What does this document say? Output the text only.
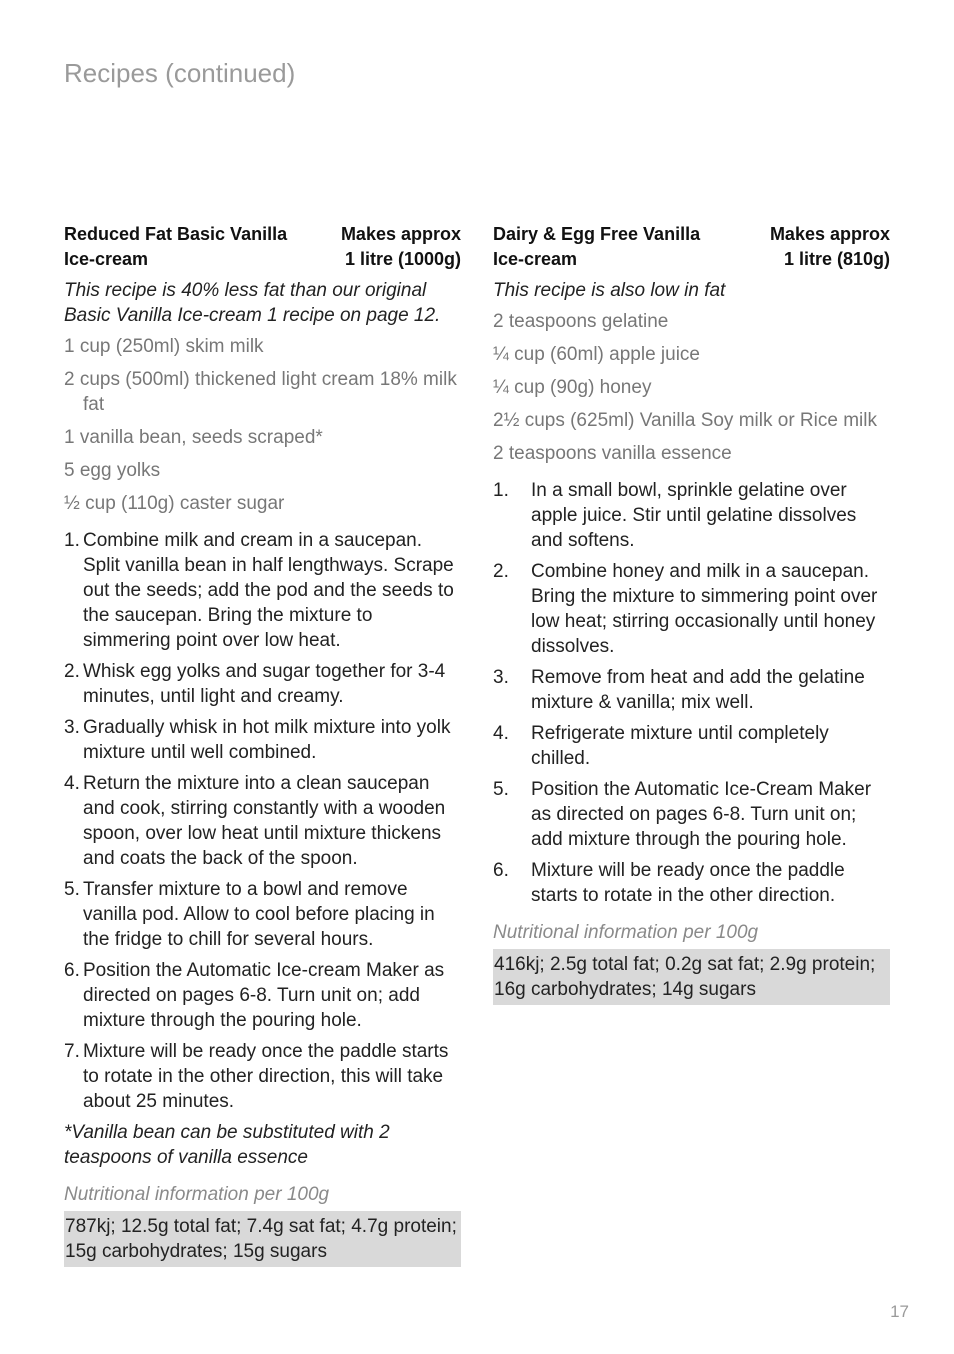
Recipes (continued)
Reduced Fat Basic Vanilla Ice-cream
Makes approx
1 litre (1000g)
This recipe is 40% less fat than our original Basic Vanilla Ice-cream 1 recipe on page 12.
1 cup (250ml) skim milk
2 cups (500ml) thickened light cream 18% milk fat
1 vanilla bean, seeds scraped*
5 egg yolks
½ cup (110g) caster sugar
1. Combine milk and cream in a saucepan. Split vanilla bean in half lengthways. Scrape out the seeds; add the pod and the seeds to the saucepan. Bring the mixture to simmering point over low heat.
2. Whisk egg yolks and sugar together for 3-4 minutes, until light and creamy.
3. Gradually whisk in hot milk mixture into yolk mixture until well combined.
4. Return the mixture into a clean saucepan and cook, stirring constantly with a wooden spoon, over low heat until mixture thickens and coats the back of the spoon.
5. Transfer mixture to a bowl and remove vanilla pod. Allow to cool before placing in the fridge to chill for several hours.
6. Position the Automatic Ice-cream Maker as directed on pages 6-8. Turn unit on; add mixture through the pouring hole.
7. Mixture will be ready once the paddle starts to rotate in the other direction, this will take about 25 minutes.
*Vanilla bean can be substituted with 2 teaspoons of vanilla essence
Nutritional information per 100g
787kj; 12.5g total fat; 7.4g sat fat; 4.7g protein; 15g carbohydrates; 15g sugars
Dairy & Egg Free Vanilla Ice-cream
Makes approx
1 litre (810g)
This recipe is also low in fat
2 teaspoons gelatine
¼ cup (60ml) apple juice
¼ cup (90g) honey
2½ cups (625ml) Vanilla Soy milk or Rice milk
2 teaspoons vanilla essence
1.	In a small bowl, sprinkle gelatine over apple juice. Stir until gelatine dissolves and softens.
2.	Combine honey and milk in a saucepan. Bring the mixture to simmering point over low heat; stirring occasionally until honey dissolves.
3.	Remove from heat and add the gelatine mixture & vanilla; mix well.
4.	Refrigerate mixture until completely chilled.
5.	Position the Automatic Ice-Cream Maker as directed on pages 6-8. Turn unit on; add mixture through the pouring hole.
6.	Mixture will be ready once the paddle starts to rotate in the other direction.
Nutritional information per 100g
416kj; 2.5g total fat; 0.2g sat fat; 2.9g protein; 16g carbohydrates; 14g sugars
17
